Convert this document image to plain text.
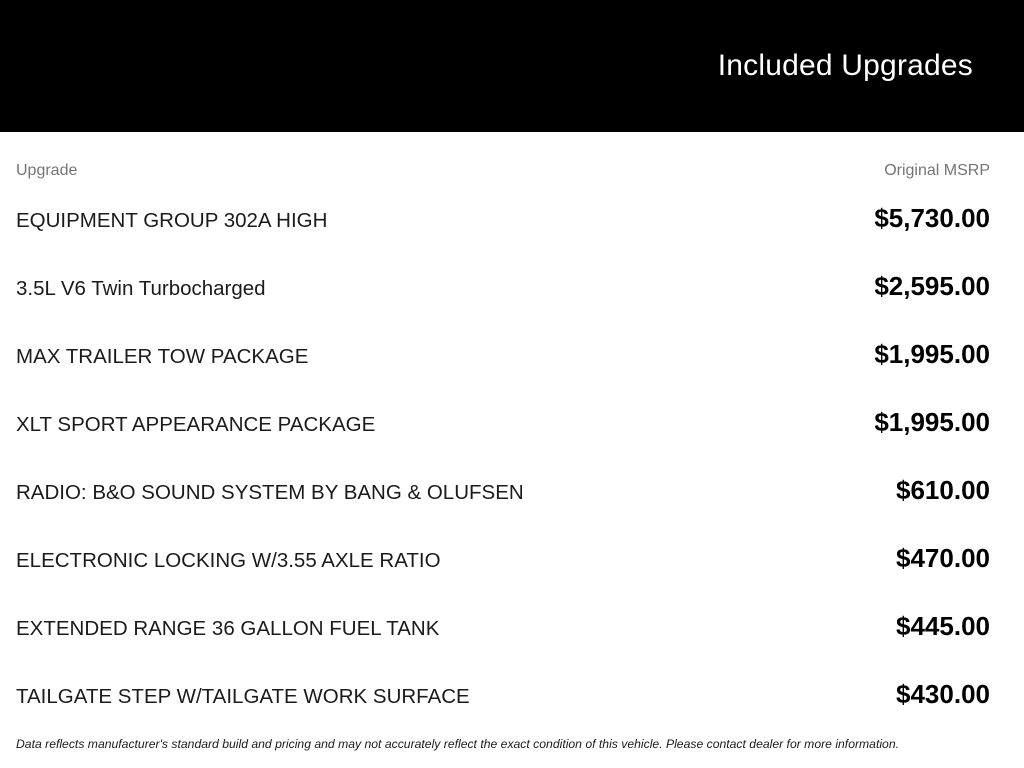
Included Upgrades
Upgrade	Original MSRP
EQUIPMENT GROUP 302A HIGH	$5,730.00
3.5L V6 Twin Turbocharged	$2,595.00
MAX TRAILER TOW PACKAGE	$1,995.00
XLT SPORT APPEARANCE PACKAGE	$1,995.00
RADIO: B&O SOUND SYSTEM BY BANG & OLUFSEN	$610.00
ELECTRONIC LOCKING W/3.55 AXLE RATIO	$470.00
EXTENDED RANGE 36 GALLON FUEL TANK	$445.00
TAILGATE STEP W/TAILGATE WORK SURFACE	$430.00
Data reflects manufacturer's standard build and pricing and may not accurately reflect the exact condition of this vehicle. Please contact dealer for more information.
